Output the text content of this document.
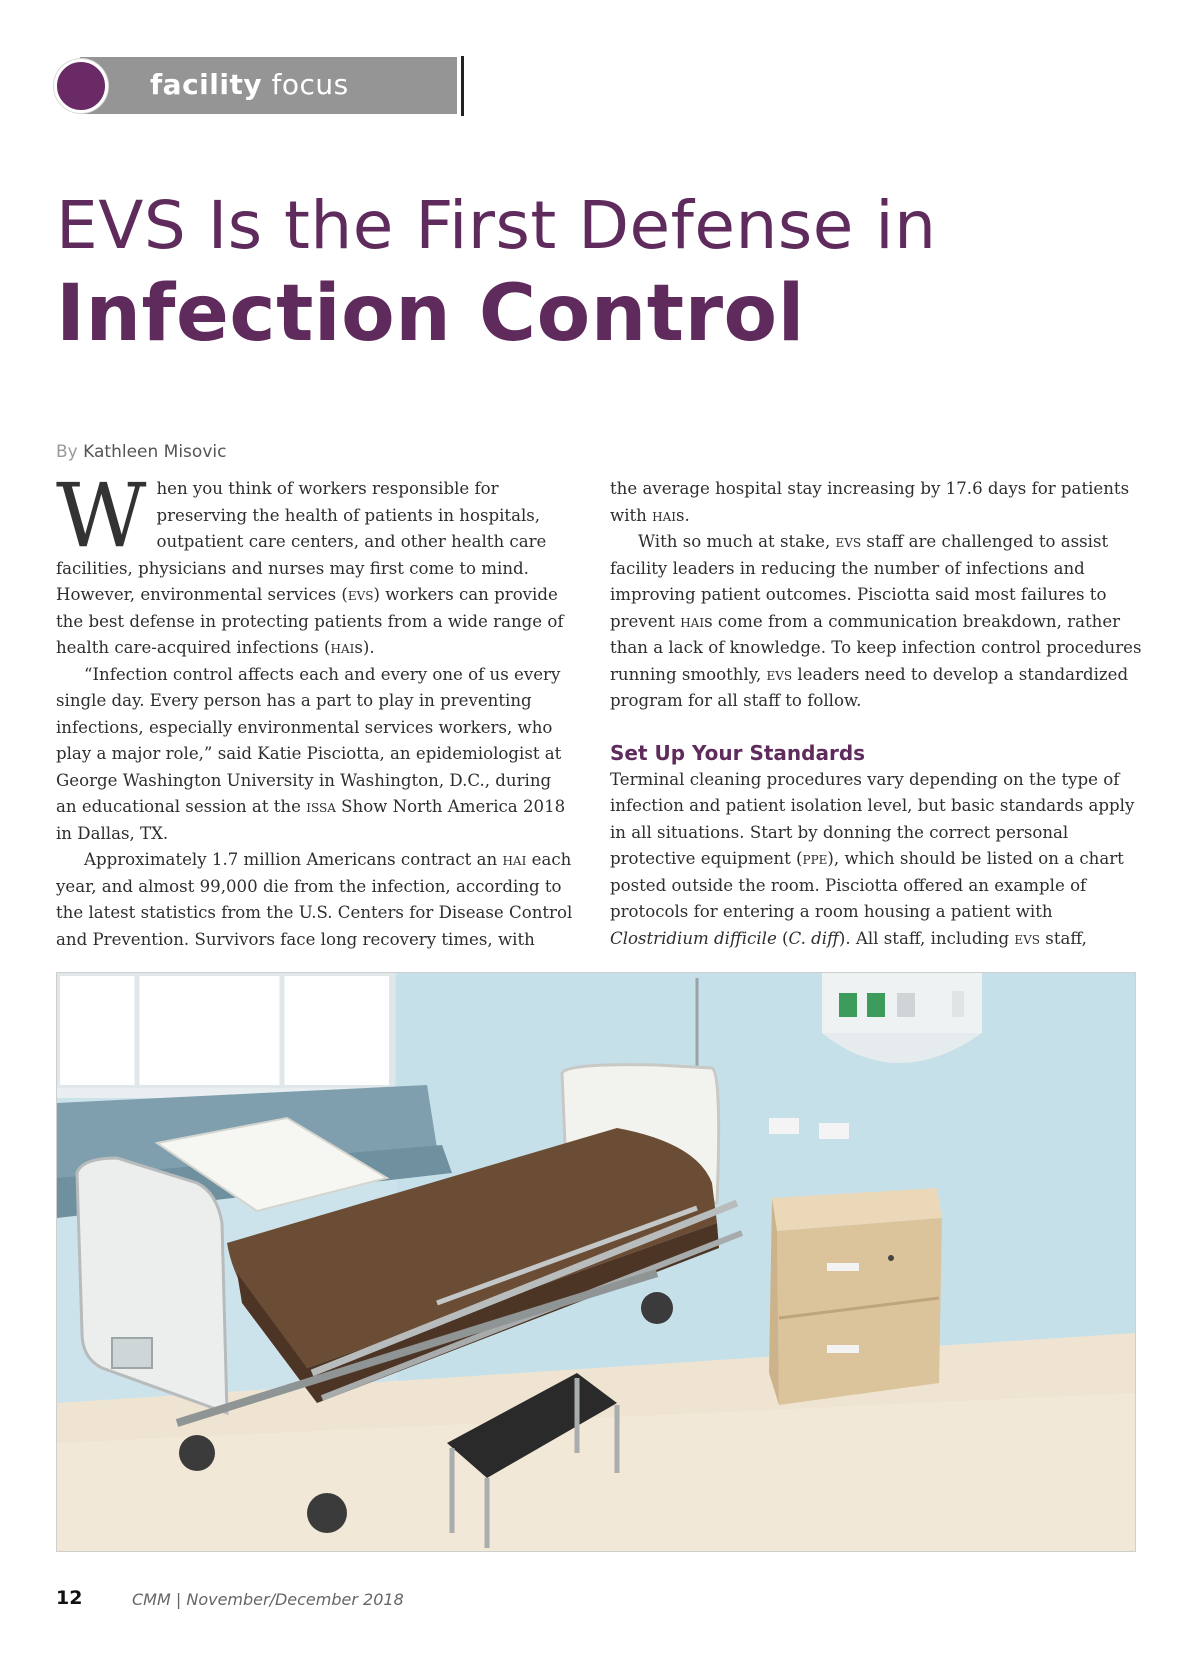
facility focus
EVS Is the First Defense in
Infection Control
By Kathleen Misovic

When you think of workers responsible for preserving the health of patients in hospitals, outpatient care centers, and other health care facilities, physicians and nurses may first come to mind. However, environmental services (evs) workers can provide the best defense in protecting patients from a wide range of health care-acquired infections (hais).

“Infection control affects each and every one of us every single day. Every person has a part to play in preventing infections, especially environmental services workers, who play a major role,” said Katie Pisciotta, an epidemiologist at George Washington University in Washington, D.C., during an educational session at the issa Show North America 2018 in Dallas, TX.

Approximately 1.7 million Americans contract an hai each year, and almost 99,000 die from the infection, according to the latest statistics from the U.S. Centers for Disease Control and Prevention. Survivors face long recovery times, with

the average hospital stay increasing by 17.6 days for patients with hais.

With so much at stake, evs staff are challenged to assist facility leaders in reducing the number of infections and improving patient outcomes. Pisciotta said most failures to prevent hais come from a communication breakdown, rather than a lack of knowledge. To keep infection control procedures running smoothly, evs leaders need to develop a standardized program for all staff to follow.

Set Up Your Standards

Terminal cleaning procedures vary depending on the type of infection and patient isolation level, but basic standards apply in all situations. Start by donning the correct personal protective equipment (ppe), which should be listed on a chart posted outside the room. Pisciotta offered an example of protocols for entering a room housing a patient with Clostridium difficile (C. diff). All staff, including evs staff,

12	CMM | November/December 2018
